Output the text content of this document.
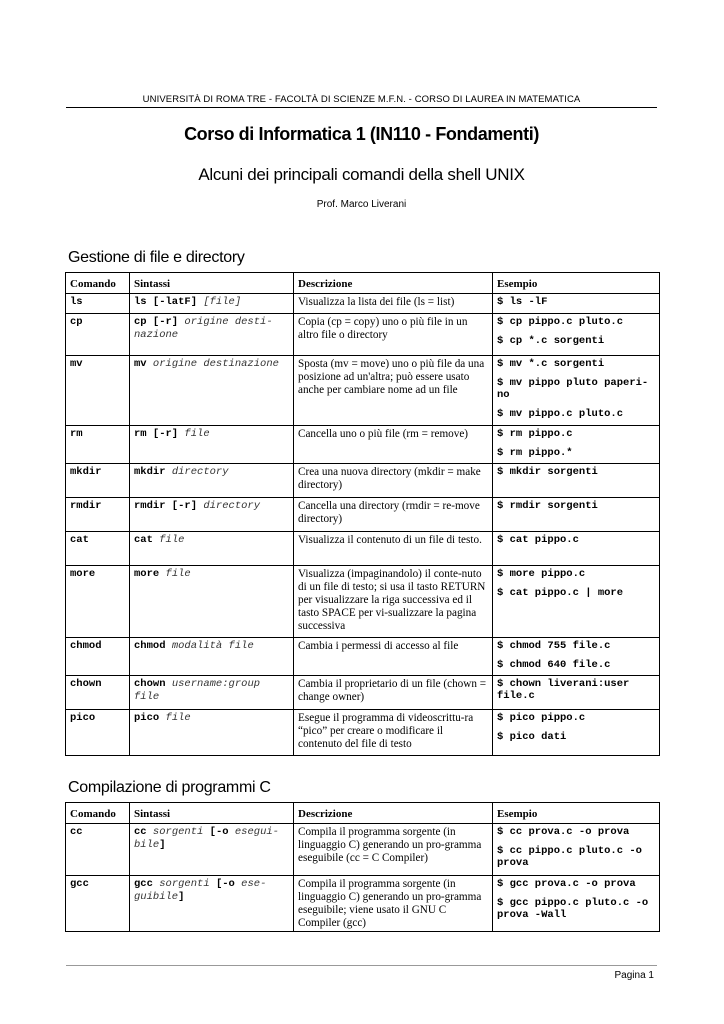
UNIVERSITÀ DI ROMA TRE - FACOLTÀ DI SCIENZE M.F.N. - CORSO DI LAUREA IN MATEMATICA
Corso di Informatica 1 (IN110 - Fondamenti)
Alcuni dei principali comandi della shell UNIX
Prof. Marco Liverani
Gestione di file e directory
Comando	Sintassi	Descrizione	Esempio
ls	ls [-latF] [file]	Visualizza la lista dei file (ls = list)	$ ls -lF

cp	cp [-r] origine desti-nazione	Copia (cp = copy) uno o più file in un altro file o directory	$ cp pippo.c pluto.c
$ cp *.c sorgenti

mv	mv origine destinazione	Sposta (mv = move) uno o più file da una posizione ad un'altra; può essere usato anche per cambiare nome ad un file	$ mv *.c sorgenti
$ mv pippo pluto paperi-no
$ mv pippo.c pluto.c

rm	rm [-r] file	Cancella uno o più file (rm = remove)	$ rm pippo.c
$ rm pippo.*

mkdir	mkdir directory	Crea una nuova directory (mkdir = make directory)	$ mkdir sorgenti

rmdir	rmdir [-r] directory	Cancella una directory (rmdir = re-move directory)	$ rmdir sorgenti

cat	cat file	Visualizza il contenuto di un file di testo.	$ cat pippo.c

more	more file	Visualizza (impaginandolo) il conte-nuto di un file di testo; si usa il tasto RETURN per visualizzare la riga successiva ed il tasto SPACE per vi-sualizzare la pagina successiva	$ more pippo.c
$ cat pippo.c | more

chmod	chmod modalità file	Cambia i permessi di accesso al file	$ chmod 755 file.c
$ chmod 640 file.c

chown	chown username:group file	Cambia il proprietario di un file (chown = change owner)	$ chown liverani:user file.c

pico	pico file	Esegue il programma di videoscrittu-ra “pico” per creare o modificare il contenuto del file di testo	$ pico pippo.c
$ pico dati
Compilazione di programmi C
Comando	Sintassi	Descrizione	Esempio
cc	cc sorgenti [-o esegui-bile]	Compila il programma sorgente (in linguaggio C) generando un pro-gramma eseguibile (cc = C Compiler)	$ cc prova.c -o prova
$ cc pippo.c pluto.c -o prova

gcc	gcc sorgenti [-o ese-guibile]	Compila il programma sorgente (in linguaggio C) generando un pro-gramma eseguibile; viene usato il GNU C Compiler (gcc)	$ gcc prova.c -o prova
$ gcc pippo.c pluto.c -o prova -Wall
Pagina 1
